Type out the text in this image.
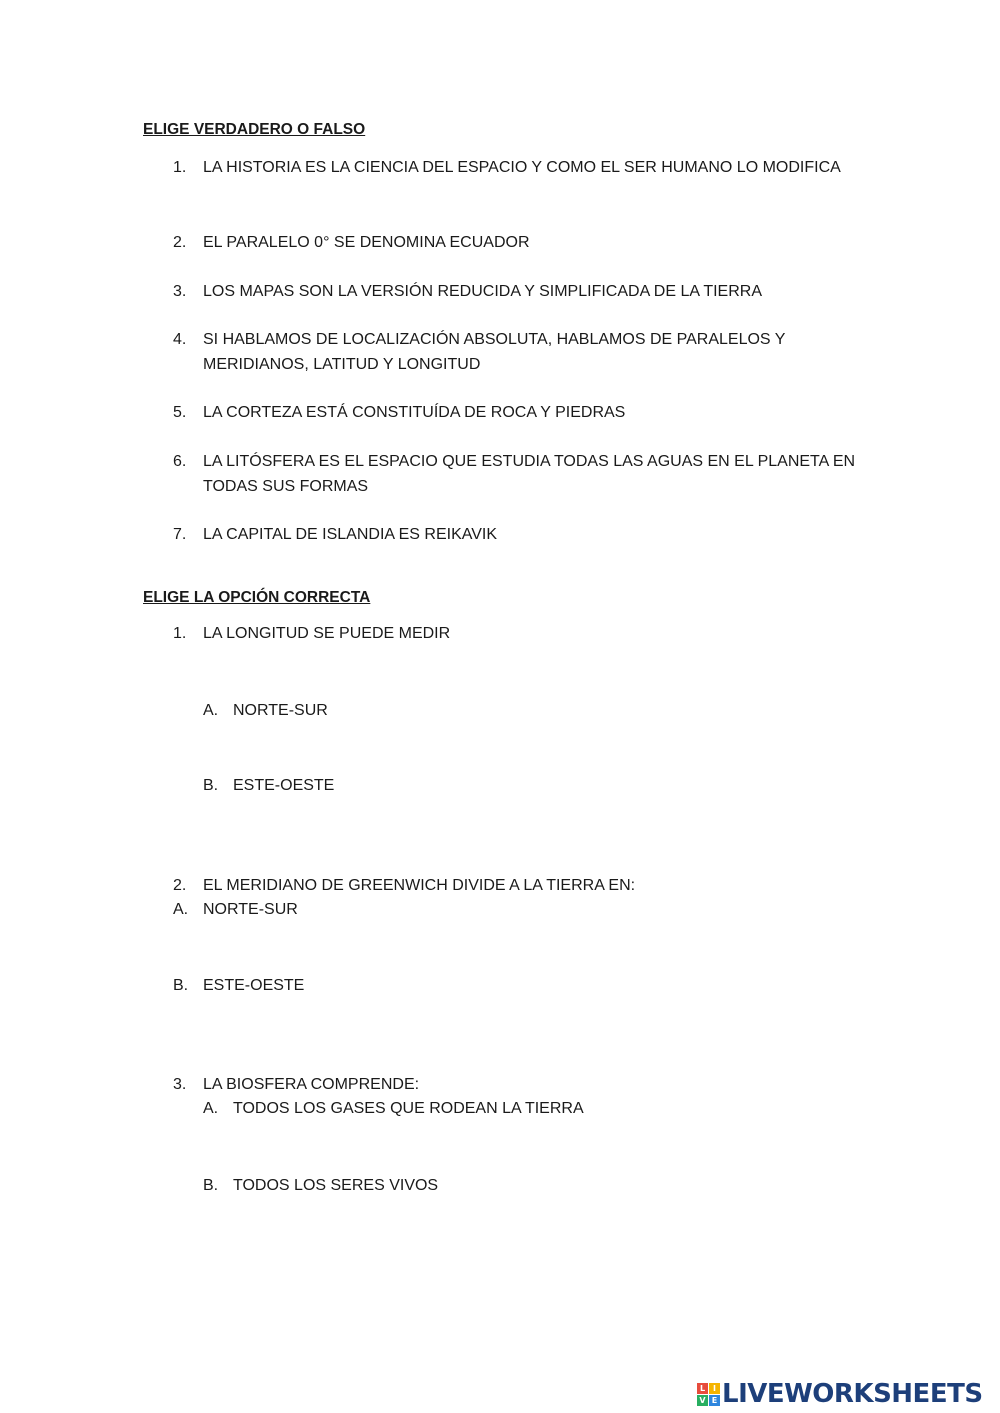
ELIGE VERDADERO O FALSO
1. LA HISTORIA ES LA CIENCIA DEL ESPACIO Y COMO EL SER HUMANO LO MODIFICA
2. EL PARALELO 0° SE DENOMINA ECUADOR
3. LOS MAPAS SON LA VERSIÓN REDUCIDA Y SIMPLIFICADA DE LA TIERRA
4. SI HABLAMOS DE LOCALIZACIÓN ABSOLUTA, HABLAMOS DE PARALELOS Y
MERIDIANOS, LATITUD Y LONGITUD
5. LA CORTEZA ESTÁ CONSTITUÍDA DE ROCA Y PIEDRAS
6. LA LITÓSFERA ES EL ESPACIO QUE ESTUDIA TODAS LAS AGUAS EN EL PLANETA EN
TODAS SUS FORMAS
7. LA CAPITAL DE ISLANDIA ES REIKAVIK
ELIGE LA OPCIÓN CORRECTA
1. LA LONGITUD SE PUEDE MEDIR
A. NORTE-SUR
B. ESTE-OESTE
2. EL MERIDIANO DE GREENWICH DIVIDE A LA TIERRA EN:
A. NORTE-SUR
B. ESTE-OESTE
3. LA BIOSFERA COMPRENDE:
A. TODOS LOS GASES QUE RODEAN LA TIERRA
B. TODOS LOS SERES VIVOS
L I
V E LIVEWORKSHEETS
